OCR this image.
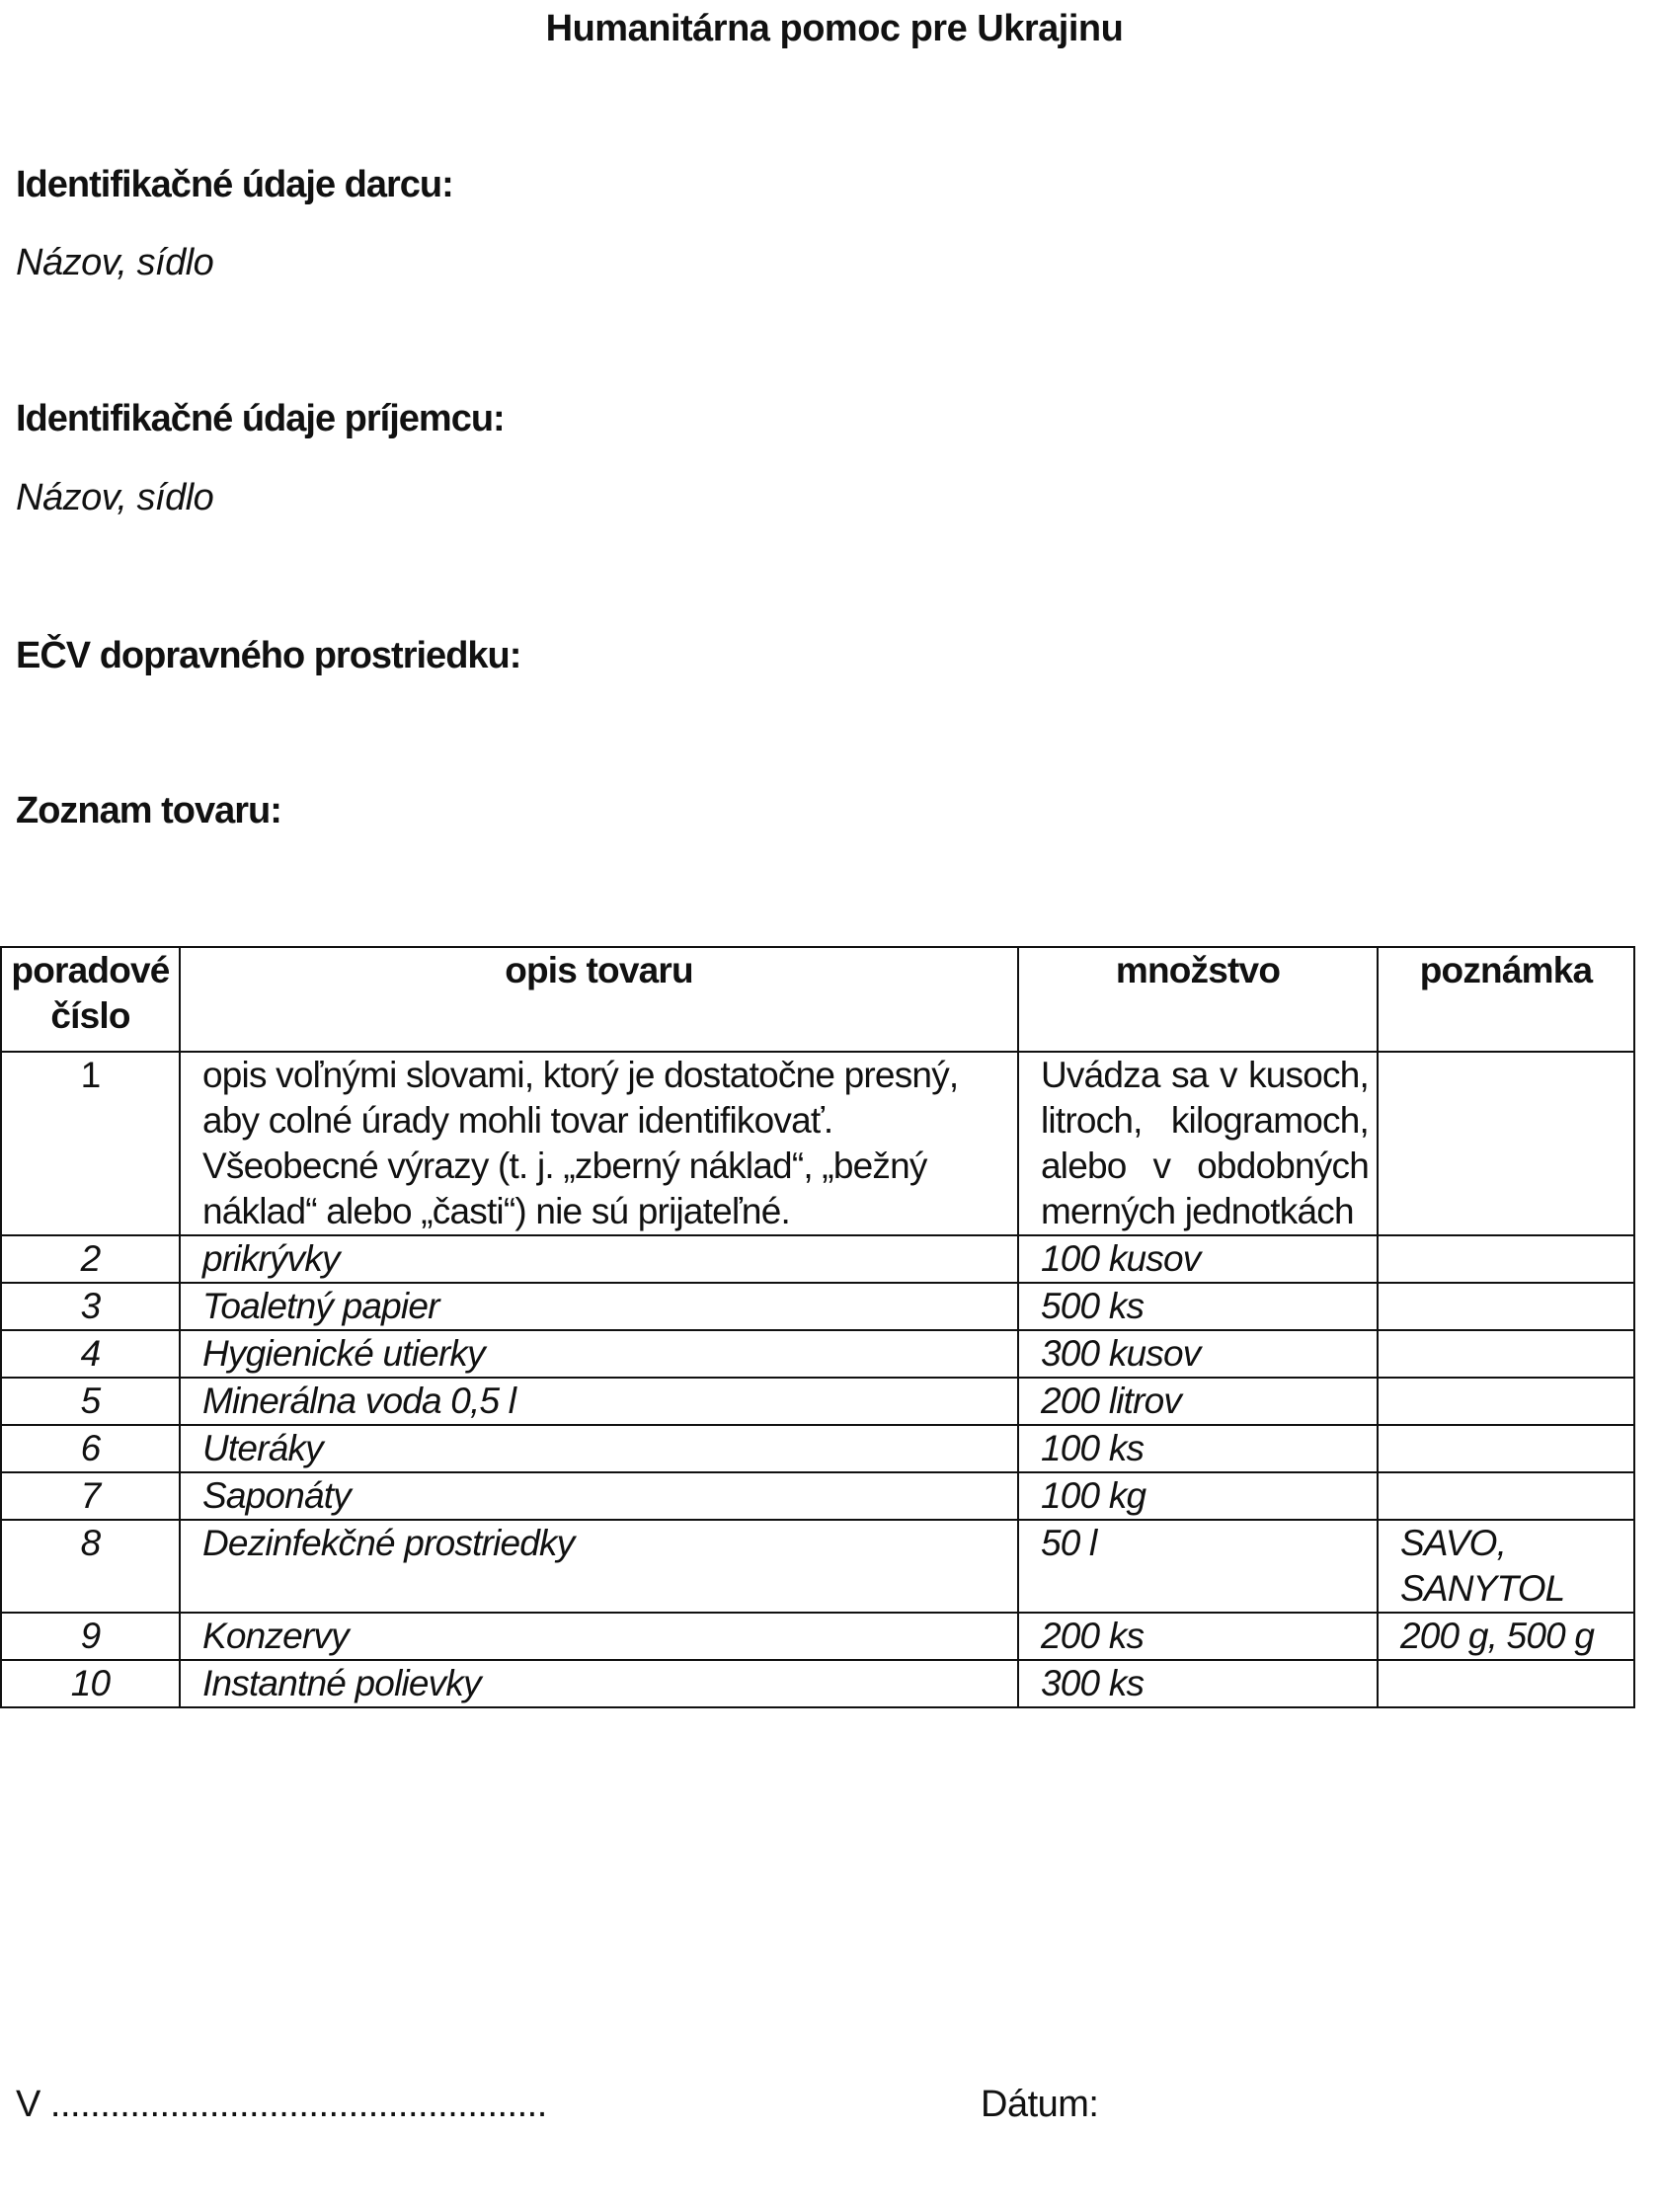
Humanitárna pomoc pre Ukrajinu
Identifikačné údaje darcu:
Názov, sídlo
Identifikačné údaje príjemcu:
Názov, sídlo
EČV dopravného prostriedku:
Zoznam tovaru:
poradové číslo	opis tovaru	množstvo	poznámka
1	opis voľnými slovami, ktorý je dostatočne presný, aby colné úrady mohli tovar identifikovať. Všeobecné výrazy (t. j. „zberný náklad“, „bežný náklad“ alebo „časti“) nie sú prijateľné.	Uvádza sa v kusoch, litroch, kilogramoch, alebo v obdobných merných jednotkách	
2	prikrývky	100 kusov	
3	Toaletný papier	500 ks	
4	Hygienické utierky	300 kusov	
5	Minerálna voda 0,5 l	200 litrov	
6	Uteráky	100 ks	
7	Saponáty	100 kg	
8	Dezinfekčné prostriedky	50 l	SAVO, SANYTOL
9	Konzervy	200 ks	200 g, 500 g
10	Instantné polievky	300 ks	
V ..................................................	Dátum:
